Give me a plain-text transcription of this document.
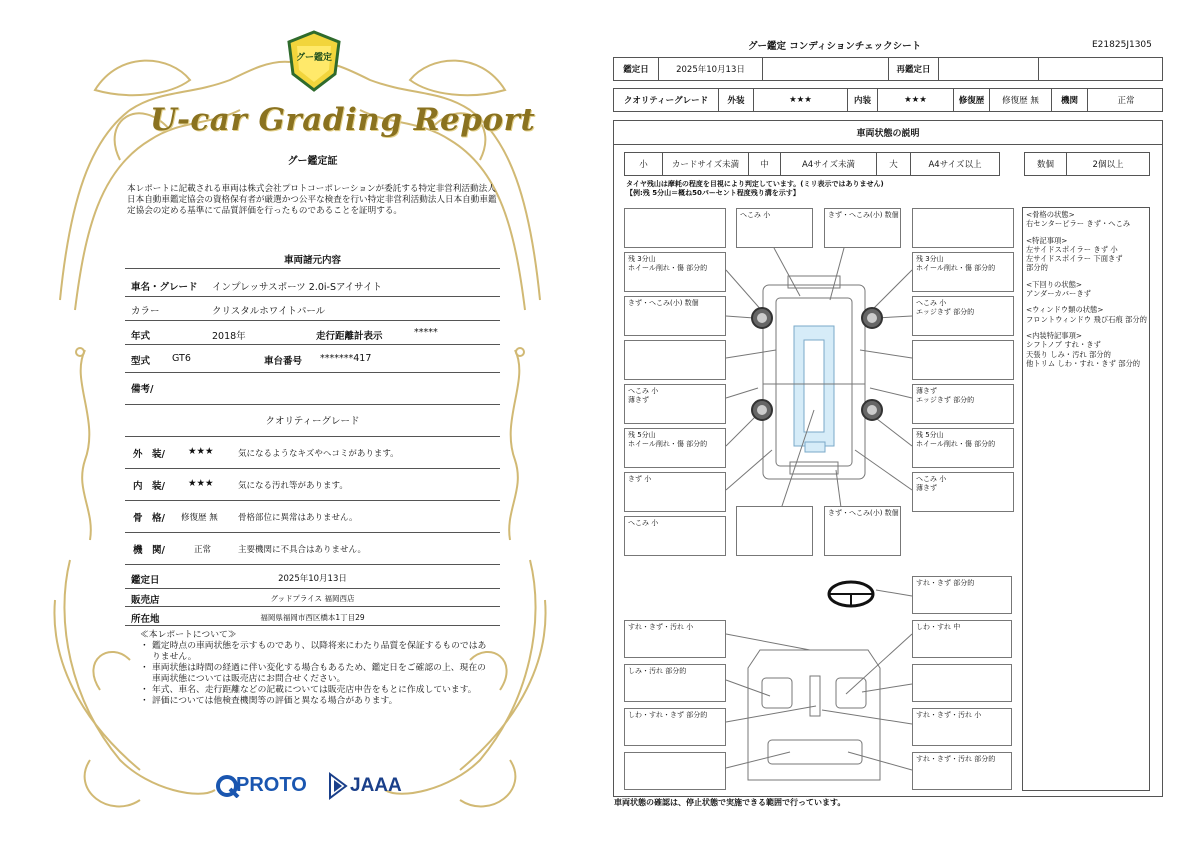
グー鑑定
U-car Grading Report
グー鑑定証
本レポートに記載される車両は株式会社プロトコーポレーションが委託する特定非営利活動法人日本自動車鑑定協会の資格保有者が厳選かつ公平な検査を行い特定非営利活動法人日本自動車鑑定協会の定める基準にて品質評価を行ったものであることを証明する。
車両諸元内容
車名・グレード インプレッサスポーツ 2.0i-Sアイサイト
カラー	クリスタルホワイトパール
年式	2018年	走行距離計表示	*****
型式 GT6	車台番号 *******417
備考/
クオリティーグレード
外　装/ ★★★	気になるようなキズやヘコミがあります。
内　装/ ★★★	気になる汚れ等があります。
骨　格/ 修復歴 無 骨格部位に異常はありません。
機　関/	正常	主要機関に不具合はありません。
鑑定日	2025年10月13日
販売店	グッドプライス 福岡西店
所在地	福岡県福岡市西区橋本1丁目29
≪本レポートについて≫
・ 鑑定時点の車両状態を示すものであり、以降将来にわたり品質を保証するものではありません。
・ 車両状態は時間の経過に伴い変化する場合もあるため、鑑定日をご確認の上、現在の車両状態については販売店にお問合せください。
・ 年式、車名、走行距離などの記載については販売店申告をもとに作成しています。
・ 評価については他検査機関等の評価と異なる場合があります。
PROTO JAAA
グー鑑定 コンディションチェックシート	E21825J1305
鑑定日	2025年10月13日	再鑑定日
クオリティーグレード	外装	★★★	内装	★★★	修復歴	修復歴 無	機関	正常
車両状態の説明
小	カードサイズ未満	中	A4サイズ未満	大	A4サイズ以上	数個	2個以上
タイヤ残山は摩耗の程度を目視により判定しています。(ミリ表示ではありません)
【例:残 5分山＝概ね50パーセント程度残り溝を示す】
へこみ 小	きず・へこみ(小) 数個
残 3分山
ホイール削れ・傷 部分的
残 3分山
ホイール削れ・傷 部分的
きず・へこみ(小) 数個	へこみ 小
エッジきず 部分的
へこみ 小
薄きず
薄きず
エッジきず 部分的
残 5分山
ホイール削れ・傷 部分的
残 5分山
ホイール削れ・傷 部分的
きず 小	へこみ 小
薄きず
へこみ 小
きず・へこみ(小) 数個
すれ・きず 部分的
すれ・きず・汚れ 小	しわ・すれ 中
しみ・汚れ 部分的
しわ・すれ・きず 部分的	すれ・きず・汚れ 小
すれ・きず・汚れ 部分的
<骨格の状態>
右センターピラー きず・へこみ
<特記事項>
左サイドスポイラー きず 小
左サイドスポイラー 下面きず
部分的
<下回りの状態>
アンダーカバーきず
<ウィンドウ類の状態>
フロントウィンドウ 飛び石痕 部分的
<内装特記事項>
シフトノブ すれ・きず
天張り しみ・汚れ 部分的
他トリム しわ・すれ・きず 部分的
車両状態の確認は、停止状態で実施できる範囲で行っています。
